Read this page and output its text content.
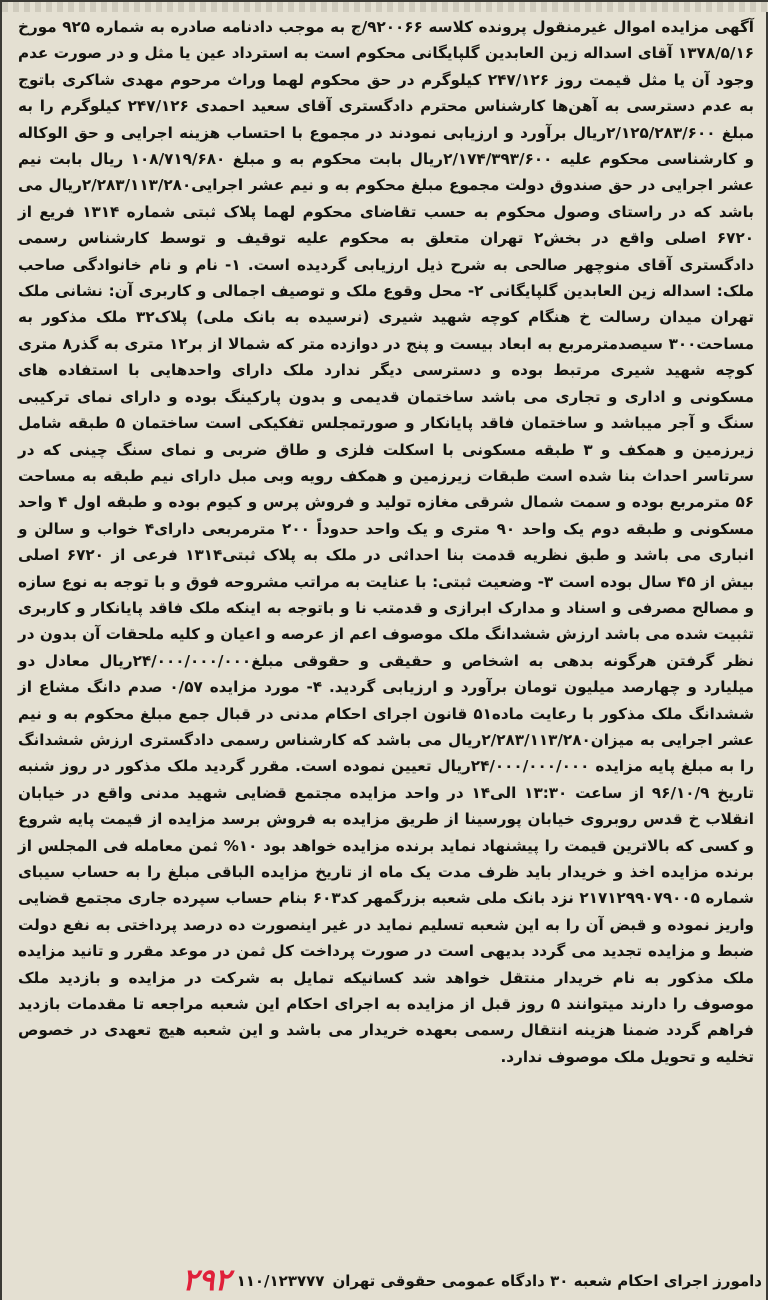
آگهی مزایده اموال غیرمنقول پرونده کلاسه ۹۲۰۰۶۶/ج به موجب دادنامه صادره به شماره ۹۲۵ مورخ ۱۳۷۸/۵/۱۶ آقای اسداله زین العابدین گلپایگانی محکوم است به استرداد عین یا مثل و در صورت عدم وجود آن یا مثل قیمت روز ۲۴۷/۱۲۶ کیلوگرم در حق محکوم لهما وراث مرحوم مهدی شاکری باتوج به عدم دسترسی به آهن‌ها کارشناس محترم دادگستری آقای سعید احمدی ۲۴۷/۱۲۶ کیلوگرم را به مبلغ ۲/۱۲۵/۲۸۳/۶۰۰ریال برآورد و ارزیابی نمودند در مجموع با احتساب هزینه اجرایی و حق الوکاله و کارشناسی محکوم علیه ۲/۱۷۴/۳۹۳/۶۰۰ریال بابت محکوم به و مبلغ ۱۰۸/۷۱۹/۶۸۰ ریال بابت نیم عشر اجرایی در حق صندوق دولت مجموع مبلغ محکوم به و نیم عشر اجرایی۲/۲۸۳/۱۱۳/۲۸۰ریال می باشد که در راستای وصول محکوم به حسب تقاضای محکوم لهما پلاک ثبتی شماره ۱۳۱۴ فریع از ۶۷۲۰ اصلی واقع در بخش۲ تهران متعلق به محکوم علیه توقیف و توسط کارشناس رسمی دادگستری آقای منوچهر صالحی به شرح ذیل ارزیابی گردیده است. ۱- نام و نام خانوادگی صاحب ملک: اسداله زین العابدین گلپایگانی ۲- محل وقوع ملک و توصیف اجمالی و کاربری آن: نشانی ملک تهران میدان رسالت خ هنگام کوچه شهید شیری (نرسیده به بانک ملی) پلاک۳۲ ملک مذکور به مساحت۳۰۰ سیصدمترمربع به ابعاد بیست و پنج در دوازده متر که شمالا از بر۱۲ متری به گذر۸ متری کوچه شهید شیری مرتبط بوده و دسترسی دیگر ندارد ملک دارای واحدهایی با استفاده های مسکونی و اداری و تجاری می باشد ساختمان قدیمی و بدون پارکینگ بوده و دارای نمای ترکیبی سنگ و آجر میباشد و ساختمان فاقد پایانکار و صورتمجلس تفکیکی است ساختمان ۵ طبقه شامل زیرزمین و همکف و ۳ طبقه مسکونی با اسکلت فلزی و طاق ضربی و نمای سنگ چینی که در سرتاسر احداث بنا شده است طبقات زیرزمین و همکف رویه وبی مبل دارای نیم طبقه به مساحت ۵۶ مترمربع بوده و سمت شمال شرقی مغازه تولید و فروش پرس و کیوم بوده و طبقه اول ۴ واحد مسکونی و طبقه دوم یک واحد ۹۰ متری و یک واحد حدوداً ۲۰۰ مترمربعی دارای۴ خواب و سالن و انباری می باشد و طبق نظریه قدمت بنا احداثی در ملک به پلاک ثبتی۱۳۱۴ فرعی از ۶۷۲۰ اصلی بیش از ۴۵ سال بوده است ۳- وضعیت ثبتی: با عنایت به مراتب مشروحه فوق و با توجه به نوع سازه و مصالح مصرفی و اسناد و مدارک ابرازی و قدمتب نا و باتوجه به اینکه ملک فاقد پایانکار و کاربری تثبیت شده می باشد ارزش ششدانگ ملک موصوف اعم از عرصه و اعیان و کلیه ملحقات آن بدون در نظر گرفتن هرگونه بدهی به اشخاص و حقیقی و حقوقی مبلغ۲۴/۰۰۰/۰۰۰/۰۰۰ریال معادل دو میلیارد و چهارصد میلیون تومان برآورد و ارزیابی گردید. ۴- مورد مزایده ۰/۵۷ صدم دانگ مشاع از ششدانگ ملک مذکور با رعایت ماده۵۱ قانون اجرای احکام مدنی در قبال جمع مبلغ محکوم به و نیم عشر اجرایی به میزان۲/۲۸۳/۱۱۳/۲۸۰ریال می باشد که کارشناس رسمی دادگستری ارزش ششدانگ را به مبلغ پایه مزایده ۲۴/۰۰۰/۰۰۰/۰۰۰ریال تعیین نموده است. مقرر گردید ملک مذکور در روز شنبه تاریخ ۹۶/۱۰/۹ از ساعت ۱۳:۳۰ الی۱۴ در واحد مزایده مجتمع قضایی شهید مدنی واقع در خیابان انقلاب خ قدس روبروی خیابان پورسینا از طریق مزایده به فروش برسد مزایده از قیمت پایه شروع و کسی که بالاترین قیمت را پیشنهاد نماید برنده مزایده خواهد بود ۱۰% ثمن معامله فی المجلس از برنده مزایده اخذ و خریدار باید ظرف مدت یک ماه از تاریخ مزایده الباقی مبلغ را به حساب سیبای شماره ۲۱۷۱۲۹۹۰۷۹۰۰۵ نزد بانک ملی شعبه بزرگمهر کد۶۰۳ بنام حساب سپرده جاری مجتمع قضایی واریز نموده و قبض آن را به این شعبه تسلیم نماید در غیر اینصورت ده درصد پرداختی به نفع دولت ضبط و مزایده تجدید می گردد بدیهی است در صورت پرداخت کل ثمن در موعد مقرر و تانید مزایده ملک مذکور به نام خریدار منتقل خواهد شد کسانیکه تمایل به شرکت در مزایده و بازدید ملک موصوف را دارند میتوانند ۵ روز قبل از مزایده به اجرای احکام این شعبه مراجعه تا مقدمات بازدید فراهم گردد ضمنا هزینه انتقال رسمی بعهده خریدار می باشد و این شعبه هیچ تعهدی در خصوص تخلیه و تحویل ملک موصوف ندارد.

دامورز اجرای احکام شعبه ۳۰ دادگاه عمومی حقوقی تهران
۱۱۰/۱۲۳۷۷۷
۲۹۲
